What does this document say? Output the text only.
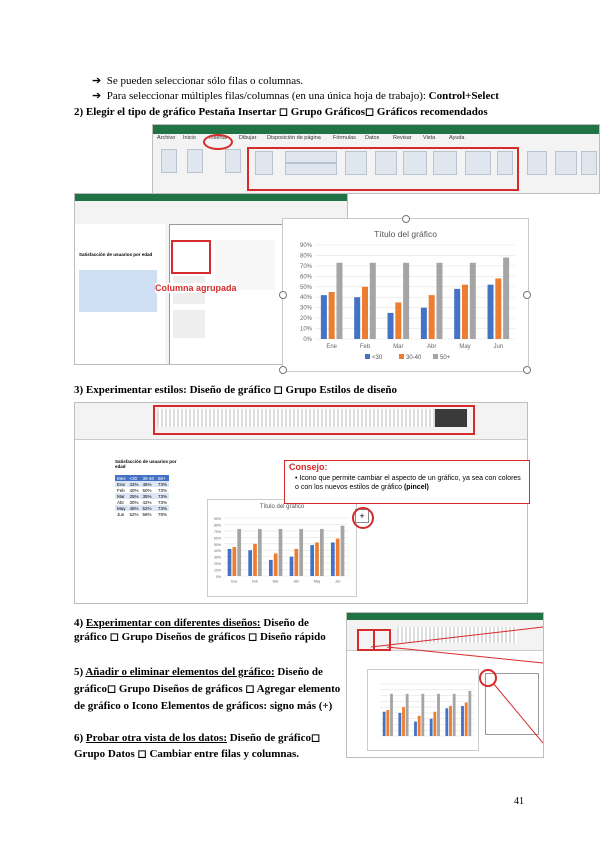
➔ Se pueden seleccionar sólo filas o columnas.
➔ Para seleccionar múltiples filas/columnas (en una única hoja de trabajo): Control+Select
2) Elegir el tipo de gráfico Pestaña Insertar ◻ Grupo Gráficos◻ Gráficos recomendados
Archivo Inicio Insertar Dibujar Disposición de página Fórmulas Datos Revisar Vista	Ayuda
Satisfacción de usuarios por edad
Columna agrupada
Título del gráfico
0%
10%
20%
30%
40%
50%
60%
70%
80%
90%
Ene	Feb	Mar	Abr	May	Jun
<30	30-40	50+
3) Experimentar estilos: Diseño de gráfico ◻ Grupo Estilos de diseño
Satisfacción de usuarios por edad
Mes	<30	30-40	50+
Ene	42%	45%	73%
Feb	40%	50%	73%
Mar	25%	35%	73%
Abr	30%	42%	73%
May	48%	52%	73%
Jun	52%	58%	78%
Título del gráfico
0%
10%
20%
30%
40%
50%
60%
70%
80%
90%
Ene	Feb	Mar	Abr	May	Jun
+
Consejo:
• Icono que permite cambiar el aspecto de un gráfico, ya sea con colores o con los nuevos estilos de gráfico (pincel)
4) Experimentar con diferentes diseños: Diseño de
gráfico ◻ Grupo Diseños de gráficos ◻ Diseño rápido
5) Añadir o eliminar elementos del gráfico: Diseño de
gráfico◻ Grupo Diseños de gráficos ◻ Agregar elemento
de gráfico o Icono Elementos de gráficos: signo más (+)
6) Probar otra vista de los datos: Diseño de gráfico◻
Grupo Datos ◻ Cambiar entre filas y columnas.
41
